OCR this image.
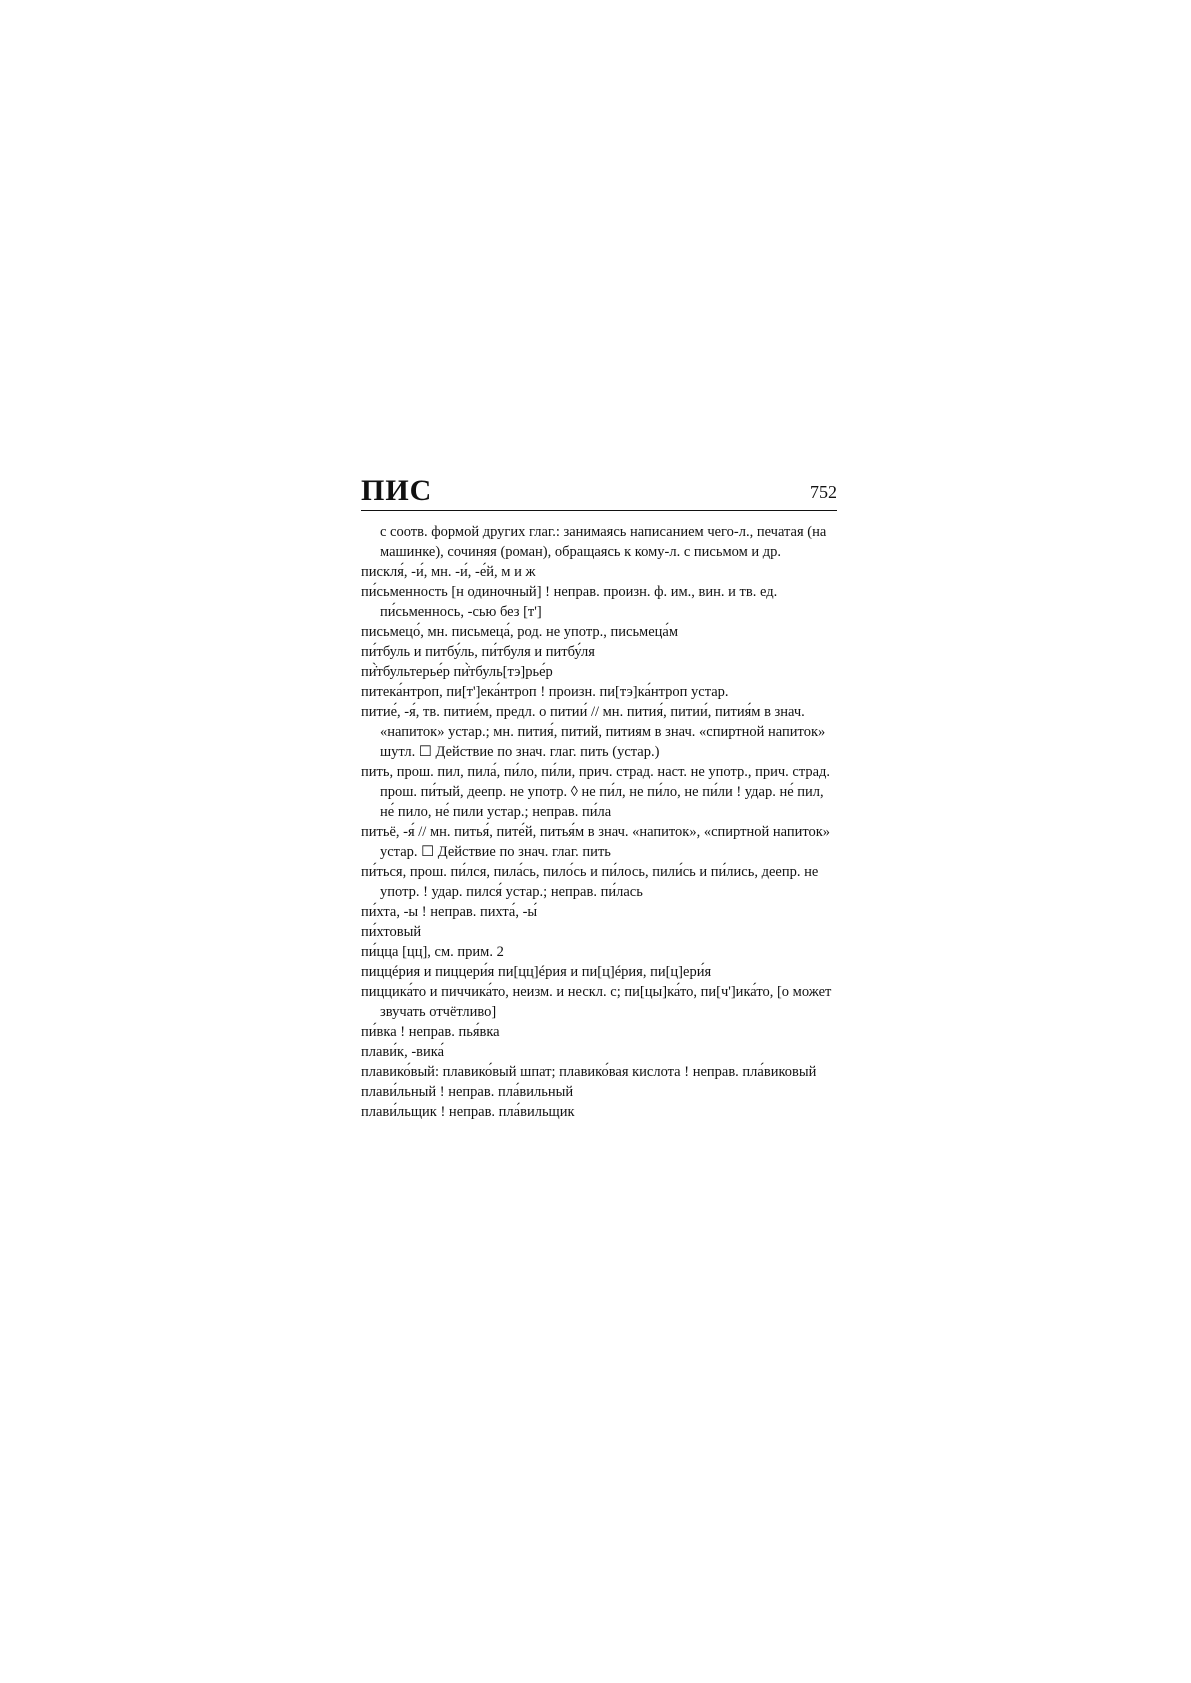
ПИС	752
с соотв. формой других глаг.: занимаясь написанием чего-л., печатая (на машинке), сочиняя (роман), обращаясь к кому-л. с письмом и др.
пискля́, -и́, мн. -и́, -е́й, м и ж
пи́сьменность [н одиночный] ! неправ. произн. ф. им., вин. и тв. ед. пи́сьменнось, -сью без [т']
письмецо́, мн. письмеца́, род. не употр., письмеца́м
пи́тбуль и питбу́ль, пи́тбуля и питбу́ля
пи̇̀тбультерье́р пи̇̀тбуль[тэ]рье́р
питека́нтроп, пи[т']ека́нтроп ! произн. пи[тэ]ка́нтроп устар.
питие́, -я́, тв. питие́м, предл. о питии́ // мн. пития́, питии́, пития́м в знач. «напиток» устар.; мн. пития́, питий, питиям в знач. «спиртной напиток» шутл. ☐ Действие по знач. глаг. пить (устар.)
пить, прош. пил, пила́, пи́ло, пи́ли, прич. страд. наст. не употр., прич. страд. прош. пи́тый, деепр. не употр. ◊ не пи́л, не пи́ло, не пи́ли ! удар. не́ пил, не́ пило, не́ пили устар.; неправ. пи́ла
питьё, -я́ // мн. питья́, пите́й, питья́м в знач. «напиток», «спиртной напиток» устар. ☐ Действие по знач. глаг. пить
пи́ться, прош. пи́лся, пила́сь, пило́сь и пи́лось, пили́сь и пи́лись, деепр. не употр. ! удар. пился́ устар.; неправ. пи́лась
пи́хта, -ы ! неправ. пихта́, -ы́
пи́хтовый
пи́цца [цц], см. прим. 2
пиццéрия и пиццери́я пи[цц]éрия и пи[ц]éрия, пи[ц]ери́я
пиццика́то и пиччика́то, неизм. и нескл. с; пи[цы]ка́то, пи[ч']ика́то, [о может звучать отчётливо]
пи́вка ! неправ. пья́вка
плави́к, -вика́
плавико́вый: плавико́вый шпат; плавико́вая кислота ! неправ. пла́виковый
плави́льный ! неправ. пла́вильный
плави́льщик ! неправ. пла́вильщик
